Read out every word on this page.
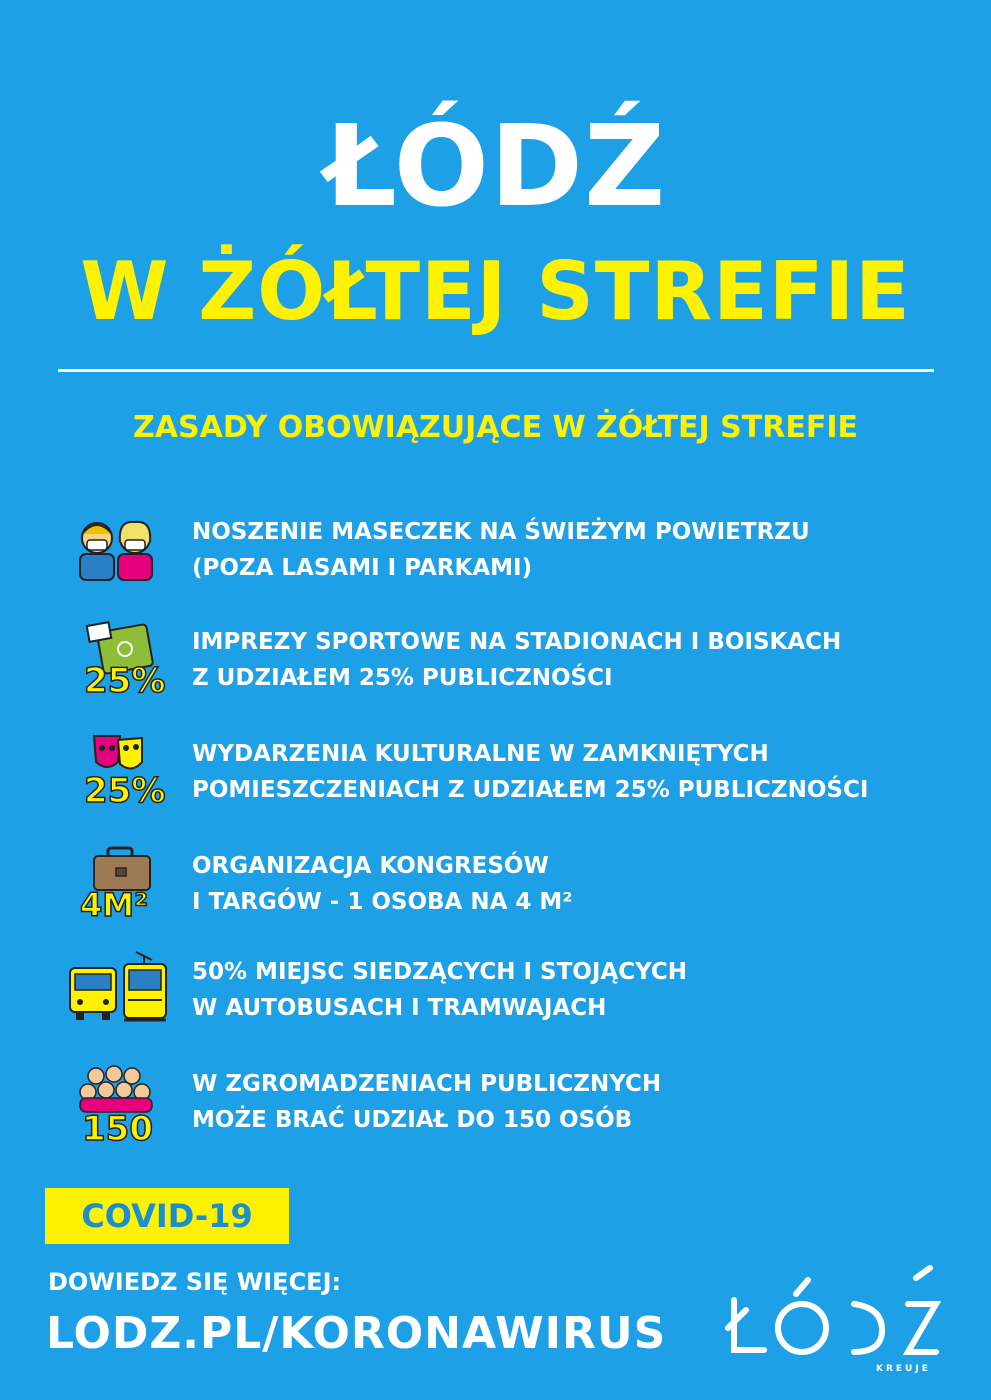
ŁÓDŹ
W ŻÓŁTEJ STREFIE
ZASADY OBOWIĄZUJĄCE W ŻÓŁTEJ STREFIE
NOSZENIE MASECZEK NA ŚWIEŻYM POWIETRZU
(POZA LASAMI I PARKAMI)
25%
IMPREZY SPORTOWE NA STADIONACH I BOISKACH
Z UDZIAŁEM 25% PUBLICZNOŚCI
25%
WYDARZENIA KULTURALNE W ZAMKNIĘTYCH
POMIESZCZENIACH Z UDZIAŁEM 25% PUBLICZNOŚCI
4M²
ORGANIZACJA KONGRESÓW
I TARGÓW - 1 OSOBA NA 4 M²
50% MIEJSC SIEDZĄCYCH I STOJĄCYCH
W AUTOBUSACH I TRAMWAJACH
150
W ZGROMADZENIACH PUBLICZNYCH
MOŻE BRAĆ UDZIAŁ DO 150 OSÓB
COVID-19
DOWIEDZ SIĘ WIĘCEJ:
LODZ.PL/KORONAWIRUS
KREUJE
